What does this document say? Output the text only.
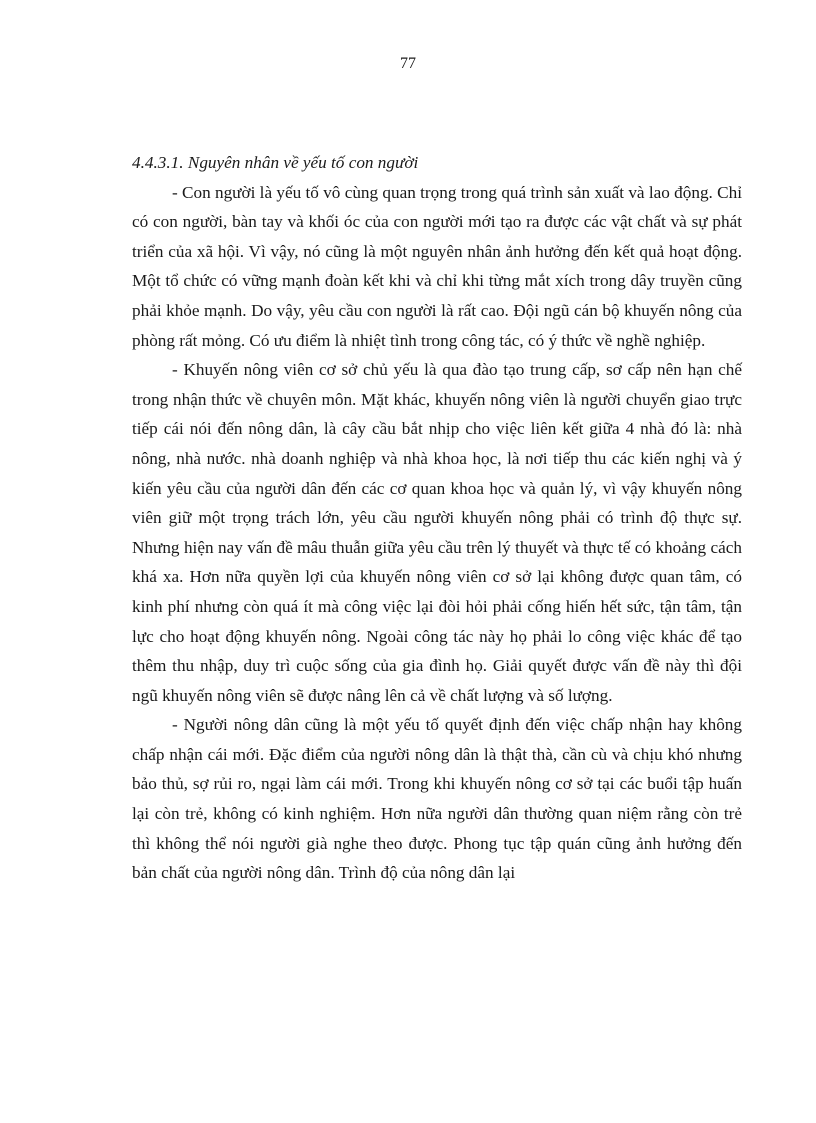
77

4.4.3.1. Nguyên nhân về yếu tố con người

- Con người là yếu tố vô cùng quan trọng trong quá trình sản xuất và lao động. Chỉ có con người, bàn tay và khối óc của con người mới tạo ra được các vật chất và sự phát triển của xã hội. Vì vậy, nó cũng là một nguyên nhân ảnh hưởng đến kết quả hoạt động. Một tổ chức có vững mạnh đoàn kết khi và chỉ khi từng mắt xích trong dây truyền cũng phải khỏe mạnh. Do vậy, yêu cầu con người là rất cao. Đội ngũ cán bộ khuyến nông của phòng rất mỏng. Có ưu điểm là nhiệt tình trong công tác, có ý thức về nghề nghiệp.

- Khuyến nông viên cơ sở chủ yếu là qua đào tạo trung cấp, sơ cấp nên hạn chế trong nhận thức về chuyên môn. Mặt khác, khuyến nông viên là người chuyển giao trực tiếp cái nói đến nông dân, là cây cầu bắt nhịp cho việc liên kết giữa 4 nhà đó là: nhà nông, nhà nước. nhà doanh nghiệp và nhà khoa học, là nơi tiếp thu các kiến nghị và ý kiến yêu cầu của người dân đến các cơ quan khoa học và quản lý, vì vậy khuyến nông viên giữ một trọng trách lớn, yêu cầu người khuyến nông phải có trình độ thực sự. Nhưng hiện nay vấn đề mâu thuẫn giữa yêu cầu trên lý thuyết và thực tế có khoảng cách khá xa. Hơn nữa quyền lợi của khuyến nông viên cơ sở lại không được quan tâm, có kinh phí nhưng còn quá ít mà công việc lại đòi hỏi phải cống hiến hết sức, tận tâm, tận lực cho hoạt động khuyến nông. Ngoài công tác này họ phải lo công việc khác để tạo thêm thu nhập, duy trì cuộc sống của gia đình họ. Giải quyết được vấn đề này thì đội ngũ khuyến nông viên sẽ được nâng lên cả về chất lượng và số lượng.

- Người nông dân cũng là một yếu tố quyết định đến việc chấp nhận hay không chấp nhận cái mới. Đặc điểm của người nông dân là thật thà, cần cù và chịu khó nhưng bảo thủ, sợ rủi ro, ngại làm cái mới. Trong khi khuyến nông cơ sở tại các buổi tập huấn lại còn trẻ, không có kinh nghiệm. Hơn nữa người dân thường quan niệm rằng còn trẻ thì không thể nói người già nghe theo được. Phong tục tập quán cũng ảnh hưởng đến bản chất của người nông dân. Trình độ của nông dân lại
